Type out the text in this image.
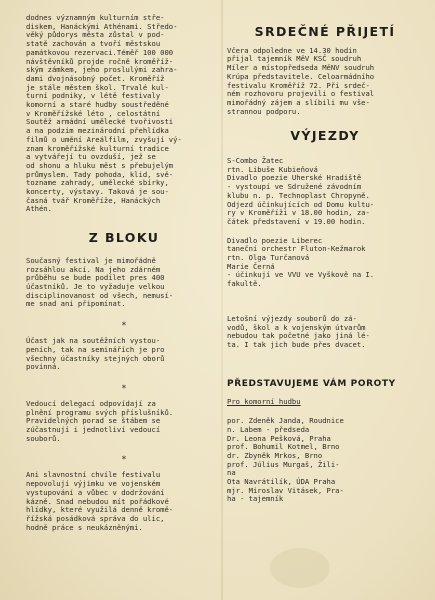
dodnes významným kulturním stře-
diskem, Hanáckými Athénami. Středo-
věký půdorys města zůstal v pod-
statě zachován a tvoří městskou
památkovou rezervaci.Téměř 100 000
návštěvníků projde ročně kroměříž-
ským zámkem, jeho proslulými zahra-
dami dvojnásobný počet. Kroměříž
je stále městem škol. Trvalé kul-
turní podniky, v létě festivaly
komorní a staré hudby soustředěné
v Kroměřížské léto , celostátní
Soutěž armádní umělecké tvořivosti
a na podzim mezinárodní přehlídka
filmů o umění Areálfilm, zvyšují vý-
znam kroměřížské kulturní tradice
a vytvářejí tu ovzduší, jež se
od shonu a hluku měst s přebujelým
průmyslem. Tady pohoda, klid, svě-
tozname zahrady, umělecké sbírky,
koncerty, výstavy. Taková je sou-
časná tvář Kroměříže, Hanáckých
Athén.
Z BLOKU
Současný festival je mimořádně
rozsáhlou akcí. Na jeho zdárném
průběhu se bude podílet pres 400
účastníků. Je to vyžaduje velkou
disciplinovanost od všech, nemusí-
me snad ani připomínat.
*
Účast jak na soutěžních vystou-
peních, tak na seminářích je pro
všechny účastníky stejných oborů
povinná.
*
Vedoucí delegací odpovídají za
plnění programu svých příslušníků.
Pravidelných porad se štábem se
zúčastnují i jednotliví vedoucí
souborů.
*
Ani slavnostní chvíle festivalu
nepovolují výjimku ve vojenském
vystupování a vůbec v dodržování
kázně. Snad nebudou mít pořádkové
hlídky, které využilá denně kromě-
řížská posádková správa do ulic,
hodně práce s neukázněnými.
SRDEČNÉ PŘIJETÍ
Včera odpoledne ve 14.30 hodin
přijal tajemník MěV KSČ soudruh
Míler a místopředseda MěNV soudruh
Krúpa představitele. Celoarmádního
festivalu Kroměříž 72. Při srdeč-
ném rozhovoru projevili o festival
mimořádný zájem a slíbili mu vše-
strannou podporu.
VÝJEZDY
S-Combo Žatec
rtn. Libuše Kubieňová
Divadlo poezie Uherské Hradiště
- vystoupí ve Sdružené závodním
klubu n. p. Technoplast Chropyně.
Odjezd účinkujících od Domu kultu-
ry v Kroměříži v 18.00 hodin, za-
čátek představení v 19.00 hodin.
Divadlo poezie Liberec
taneční orchestr Fluton-Kežmarok
rtn. Olga Turčanová
Marie Černá
- účinkují ve VVU ve Vyškově na I.
fakultě.
Letošní výjezdy souborů do zá-
vodů, škol a k vojenským útvarům
nebudou tak početné jako jiná lé-
ta. I tak jich bude přes dvacet.
PŘEDSTAVUJEME VÁM POROTY
Pro komorní hudbu
por. Zdeněk Janda, Roudnice
n. Labem - předseda
Dr. Leona Pešková, Praha
prof. Bohumil Kotmel, Brno
dr. Zbyněk Mrkos, Brno
prof. Július Murgaš, Žili-
na
Ota Navrátilík, ÚDA Praha
mjr. Miroslav Vitásek, Pra-
ha - tajemník
